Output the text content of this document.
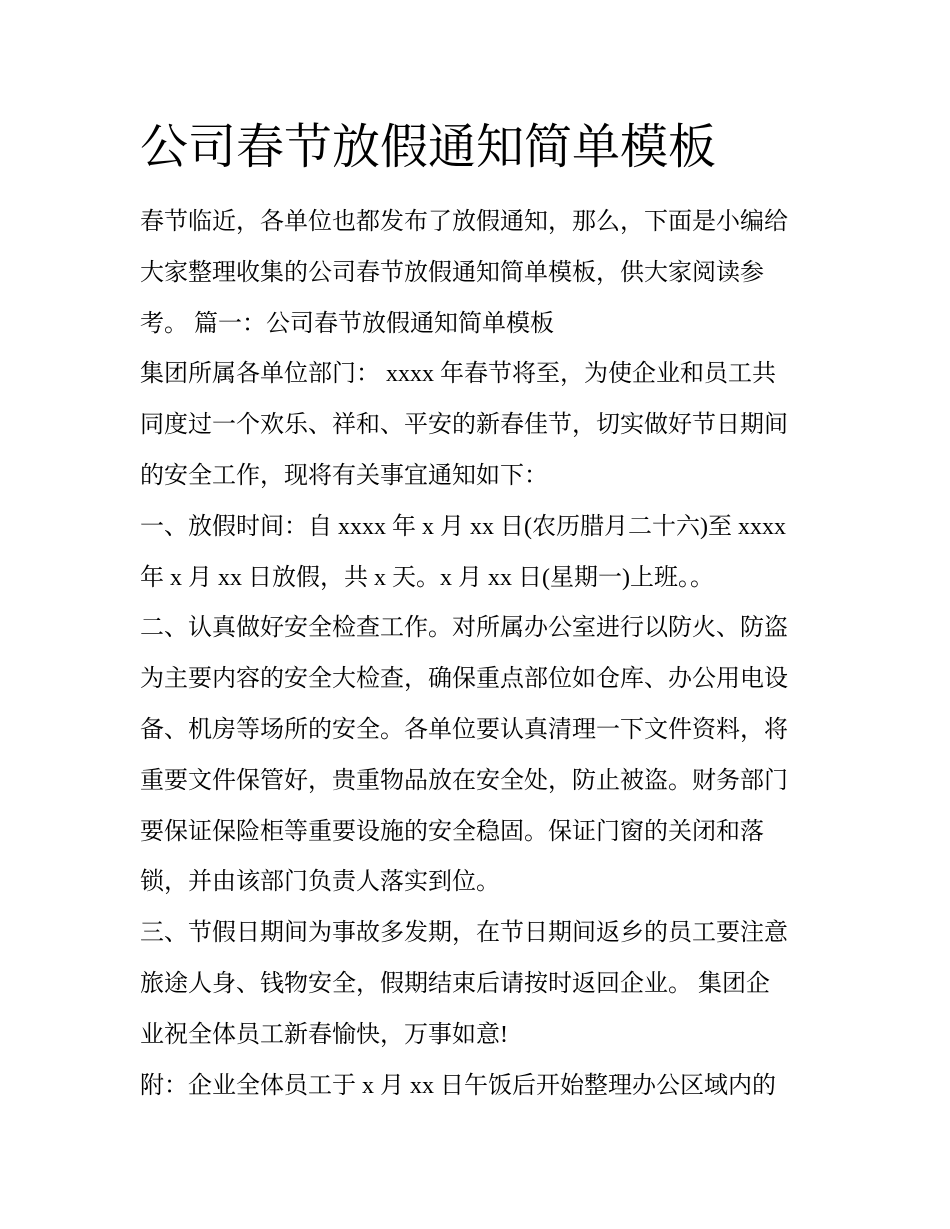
公司春节放假通知简单模板
春节临近，各单位也都发布了放假通知，那么，下面是小编给
大家整理收集的公司春节放假通知简单模板，供大家阅读参
考。 篇一：公司春节放假通知简单模板
集团所属各单位部门： xxxx 年春节将至，为使企业和员工共
同度过一个欢乐、祥和、平安的新春佳节，切实做好节日期间
的安全工作，现将有关事宜通知如下：
一、放假时间：自 xxxx 年 x 月 xx 日(农历腊月二十六)至 xxxx
年 x 月 xx 日放假，共 x 天。x 月 xx 日(星期一)上班。。
二、认真做好安全检查工作。对所属办公室进行以防火、防盗
为主要内容的安全大检查，确保重点部位如仓库、办公用电设
备、机房等场所的安全。各单位要认真清理一下文件资料，将
重要文件保管好，贵重物品放在安全处，防止被盗。财务部门
要保证保险柜等重要设施的安全稳固。保证门窗的关闭和落
锁，并由该部门负责人落实到位。
三、节假日期间为事故多发期，在节日期间返乡的员工要注意
旅途人身、钱物安全，假期结束后请按时返回企业。 集团企
业祝全体员工新春愉快，万事如意!
附：企业全体员工于 x 月 xx 日午饭后开始整理办公区域内的
